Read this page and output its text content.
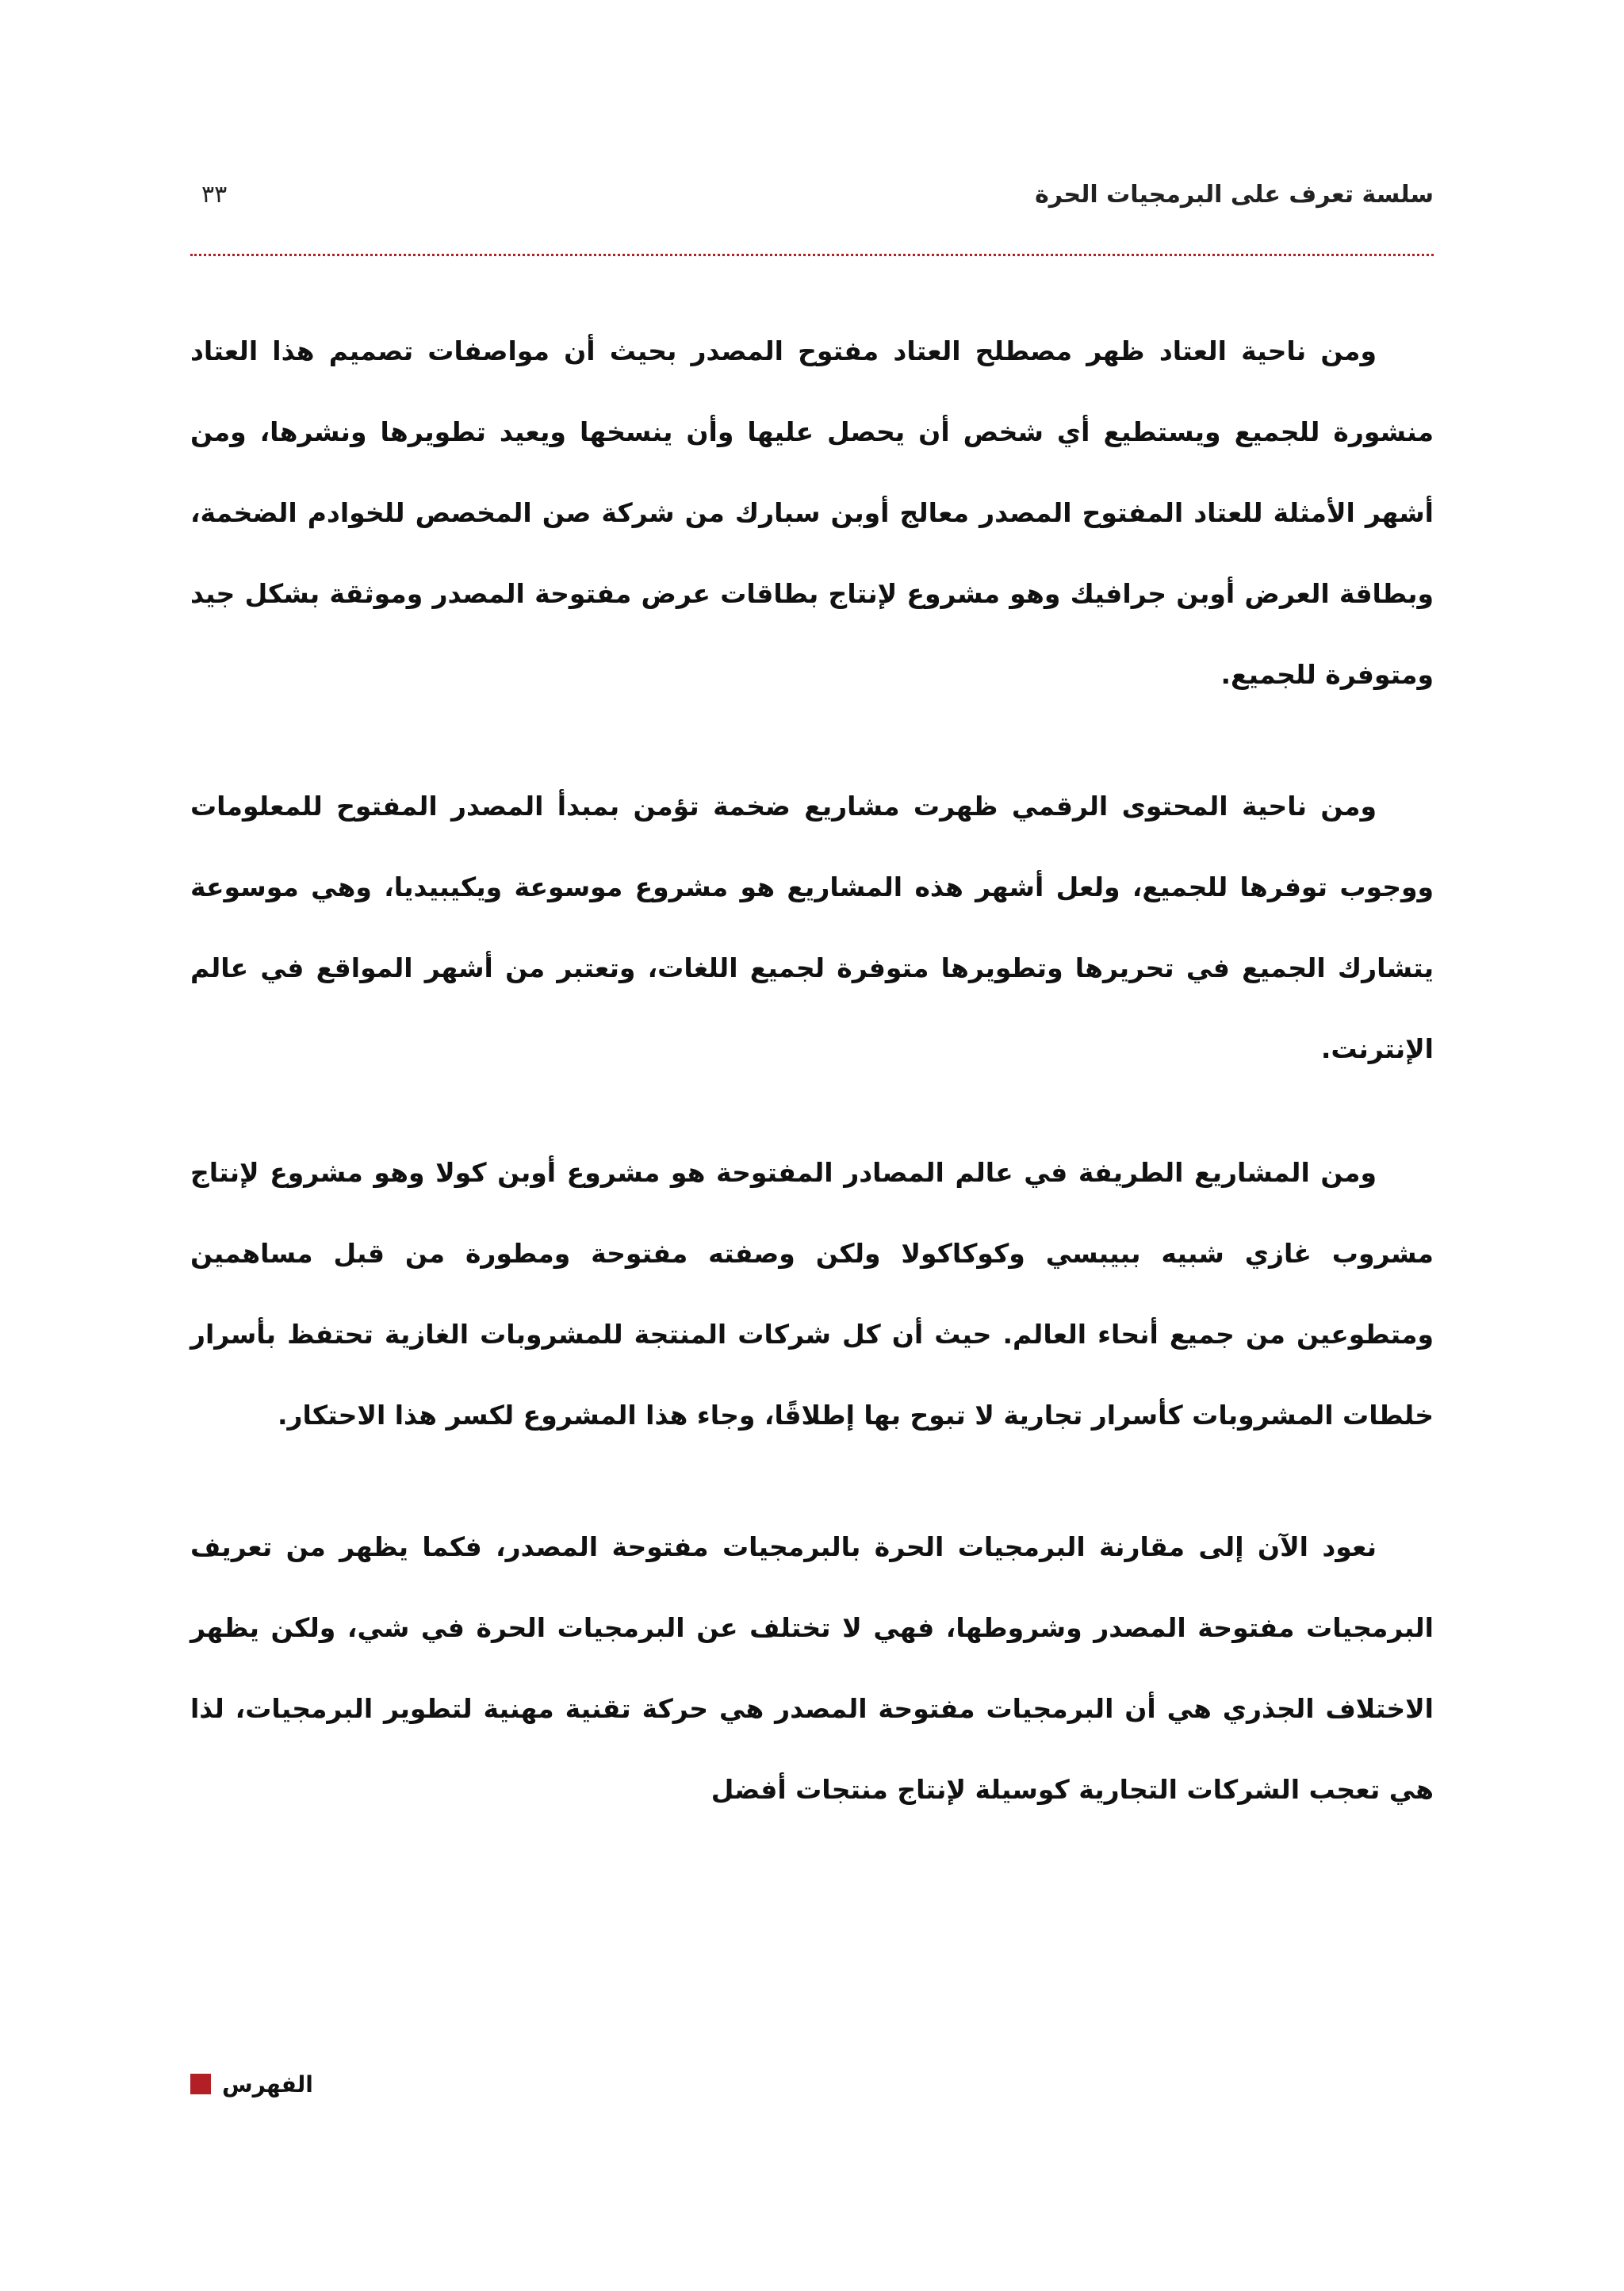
سلسة تعرف على البرمجيات الحرة
٣٣

ومن ناحية العتاد ظهر مصطلح العتاد مفتوح المصدر بحيث أن مواصفات تصميم هذا العتاد منشورة للجميع ويستطيع أي شخص أن يحصل عليها وأن ينسخها ويعيد تطويرها ونشرها، ومن أشهر الأمثلة للعتاد المفتوح المصدر معالج أوبن سبارك من شركة صن المخصص للخوادم الضخمة، وبطاقة العرض أوبن جرافيك وهو مشروع لإنتاج بطاقات عرض مفتوحة المصدر وموثقة بشكل جيد ومتوفرة للجميع.

ومن ناحية المحتوى الرقمي ظهرت مشاريع ضخمة تؤمن بمبدأ المصدر المفتوح للمعلومات ووجوب توفرها للجميع، ولعل أشهر هذه المشاريع هو مشروع موسوعة ويكيبيديا، وهي موسوعة يتشارك الجميع في تحريرها وتطويرها متوفرة لجميع اللغات، وتعتبر من أشهر المواقع في عالم الإنترنت.

ومن المشاريع الطريفة في عالم المصادر المفتوحة هو مشروع أوبن كولا وهو مشروع لإنتاج مشروب غازي شبيه ببيبسي وكوكاكولا ولكن وصفته مفتوحة ومطورة من قبل مساهمين ومتطوعين من جميع أنحاء العالم. حيث أن كل شركات المنتجة للمشروبات الغازية تحتفظ بأسرار خلطات المشروبات كأسرار تجارية لا تبوح بها إطلاقًا، وجاء هذا المشروع لكسر هذا الاحتكار.

نعود الآن إلى مقارنة البرمجيات الحرة بالبرمجيات مفتوحة المصدر، فكما يظهر من تعريف البرمجيات مفتوحة المصدر وشروطها، فهي لا تختلف عن البرمجيات الحرة في شي، ولكن يظهر الاختلاف الجذري هي أن البرمجيات مفتوحة المصدر هي حركة تقنية مهنية لتطوير البرمجيات، لذا هي تعجب الشركات التجارية كوسيلة لإنتاج منتجات أفضل

الفهرس
